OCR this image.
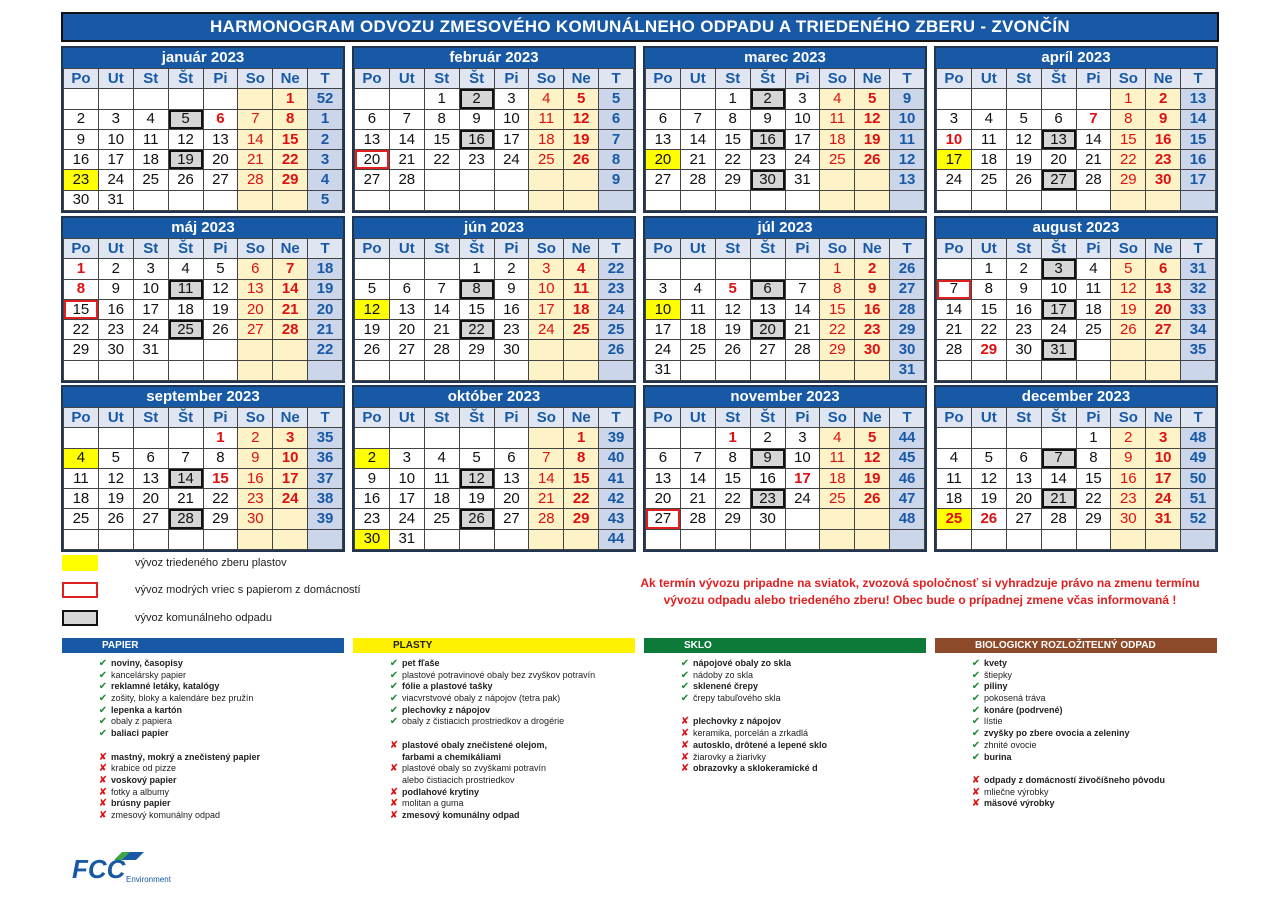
HARMONOGRAM ODVOZU ZMESOVÉHO KOMUNÁLNEHO ODPADU A TRIEDENÉHO ZBERU - ZVONČÍN
január 2023
Po	Ut	St	Št	Pi	So	Ne	T
						1	52
2	3	4	5	6	7	8	1
9	10	11	12	13	14	15	2
16	17	18	19	20	21	22	3
23	24	25	26	27	28	29	4
30	31						5
február 2023
Po	Ut	St	Št	Pi	So	Ne	T
		1	2	3	4	5	5
6	7	8	9	10	11	12	6
13	14	15	16	17	18	19	7
20	21	22	23	24	25	26	8
27	28						9

marec 2023
Po	Ut	St	Št	Pi	So	Ne	T
		1	2	3	4	5	9
6	7	8	9	10	11	12	10
13	14	15	16	17	18	19	11
20	21	22	23	24	25	26	12
27	28	29	30	31			13

apríl 2023
Po	Ut	St	Št	Pi	So	Ne	T
					1	2	13
3	4	5	6	7	8	9	14
10	11	12	13	14	15	16	15
17	18	19	20	21	22	23	16
24	25	26	27	28	29	30	17

máj 2023
Po	Ut	St	Št	Pi	So	Ne	T
1	2	3	4	5	6	7	18
8	9	10	11	12	13	14	19
15	16	17	18	19	20	21	20
22	23	24	25	26	27	28	21
29	30	31					22

jún 2023
Po	Ut	St	Št	Pi	So	Ne	T
			1	2	3	4	22
5	6	7	8	9	10	11	23
12	13	14	15	16	17	18	24
19	20	21	22	23	24	25	25
26	27	28	29	30			26

júl 2023
Po	Ut	St	Št	Pi	So	Ne	T
					1	2	26
3	4	5	6	7	8	9	27
10	11	12	13	14	15	16	28
17	18	19	20	21	22	23	29
24	25	26	27	28	29	30	30
31							31
august 2023
Po	Ut	St	Št	Pi	So	Ne	T
	1	2	3	4	5	6	31
7	8	9	10	11	12	13	32
14	15	16	17	18	19	20	33
21	22	23	24	25	26	27	34
28	29	30	31				35

september 2023
Po	Ut	St	Št	Pi	So	Ne	T
				1	2	3	35
4	5	6	7	8	9	10	36
11	12	13	14	15	16	17	37
18	19	20	21	22	23	24	38
25	26	27	28	29	30		39

október 2023
Po	Ut	St	Št	Pi	So	Ne	T
						1	39
2	3	4	5	6	7	8	40
9	10	11	12	13	14	15	41
16	17	18	19	20	21	22	42
23	24	25	26	27	28	29	43
30	31						44
november 2023
Po	Ut	St	Št	Pi	So	Ne	T
		1	2	3	4	5	44
6	7	8	9	10	11	12	45
13	14	15	16	17	18	19	46
20	21	22	23	24	25	26	47
27	28	29	30				48

december 2023
Po	Ut	St	Št	Pi	So	Ne	T
				1	2	3	48
4	5	6	7	8	9	10	49
11	12	13	14	15	16	17	50
18	19	20	21	22	23	24	51
25	26	27	28	29	30	31	52

vývoz triedeného zberu plastov
vývoz modrých vriec s papierom z domácností
vývoz komunálneho odpadu
Ak termín vývozu pripadne na sviatok, zvozová spoločnosť si vyhradzuje právo na zmenu termínu vývozu odpadu alebo triedeného zberu! Obec bude o prípadnej zmene včas informovaná !
PAPIER
✔ noviny, časopisy
✔ kancelársky papier
✔ reklamné letáky, katalógy
✔ zošity, bloky a kalendáre bez pružín
✔ lepenka a kartón
✔ obaly z papiera
✔ baliaci papier
✘ mastný, mokrý a znečistený papier
✘ krabice od pizze
✘ voskový papier
✘ fotky a albumy
✘ brúsny papier
✘ zmesový komunálny odpad
PLASTY
✔ pet fľaše
✔ plastové potravinové obaly bez zvyškov potravín
✔ fólie a plastové tašky
✔ viacvrstvové obaly z nápojov (tetra pak)
✔ plechovky z nápojov
✔ obaly z čistiacich prostriedkov a drogérie
✘ plastové obaly znečistené olejom,
farbami a chemikáliami
✘ plastové obaly so zvyškami potravín
alebo čistiacich prostriedkov
✘ podlahové krytiny
✘ molitan a guma
✘ zmesový komunálny odpad
SKLO
✔ nápojové obaly zo skla
✔ nádoby zo skla
✔ sklenené črepy
✔ črepy tabuľového skla
✘ plechovky z nápojov
✘ keramika, porcelán a zrkadlá
✘ autosklo, drôtené a lepené sklo
✘ žiarovky a žiarivky
✘ obrazovky a sklokeramické d
BIOLOGICKY ROZLOŽITEĽNÝ ODPAD
✔ kvety
✔ štiepky
✔ piliny
✔ pokosená tráva
✔ konáre (podrvené)
✔ lístie
✔ zvyšky po zbere ovocia a zeleniny
✔ zhnité ovocie
✔ burina
✘ odpady z domácností živočíšneho pôvodu
✘ mliečne výrobky
✘ mäsové výrobky
FCC Environment
